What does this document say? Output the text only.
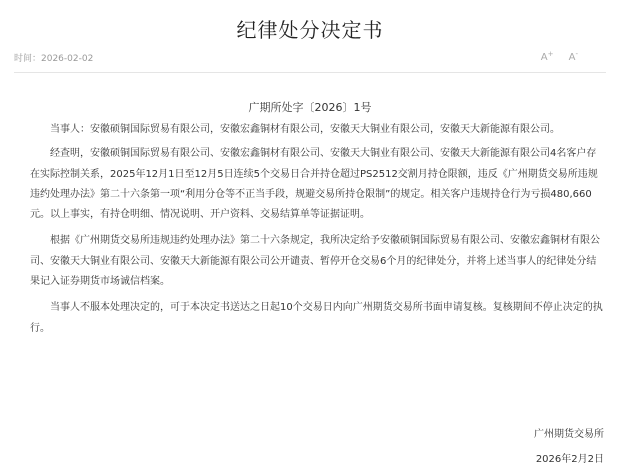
纪律处分决定书
时间：2026-02-02	A+ A-
广期所处字〔2026〕1号

当事人：安徽硕铜国际贸易有限公司，安徽宏鑫铜材有限公司，安徽天大铜业有限公司，安徽天大新能源有限公司。

经查明，安徽硕铜国际贸易有限公司、安徽宏鑫铜材有限公司、安徽天大铜业有限公司、安徽天大新能源有限公司4名客户存在实际控制关系，2025年12月1日至12月5日连续5个交易日合并持仓超过PS2512交割月持仓限额，违反《广州期货交易所违规违约处理办法》第二十六条第一项“利用分仓等不正当手段，规避交易所持仓限制”的规定。相关客户违规持仓行为亏损480,660元。以上事实，有持仓明细、情况说明、开户资料、交易结算单等证据证明。

根据《广州期货交易所违规违约处理办法》第二十六条规定，我所决定给予安徽硕铜国际贸易有限公司、安徽宏鑫铜材有限公司、安徽天大铜业有限公司、安徽天大新能源有限公司公开谴责、暂停开仓交易6个月的纪律处分，并将上述当事人的纪律处分结果记入证券期货市场诚信档案。

当事人不服本处理决定的，可于本决定书送达之日起10个交易日内向广州期货交易所书面申请复核。复核期间不停止决定的执行。

广州期货交易所
2026年2月2日
